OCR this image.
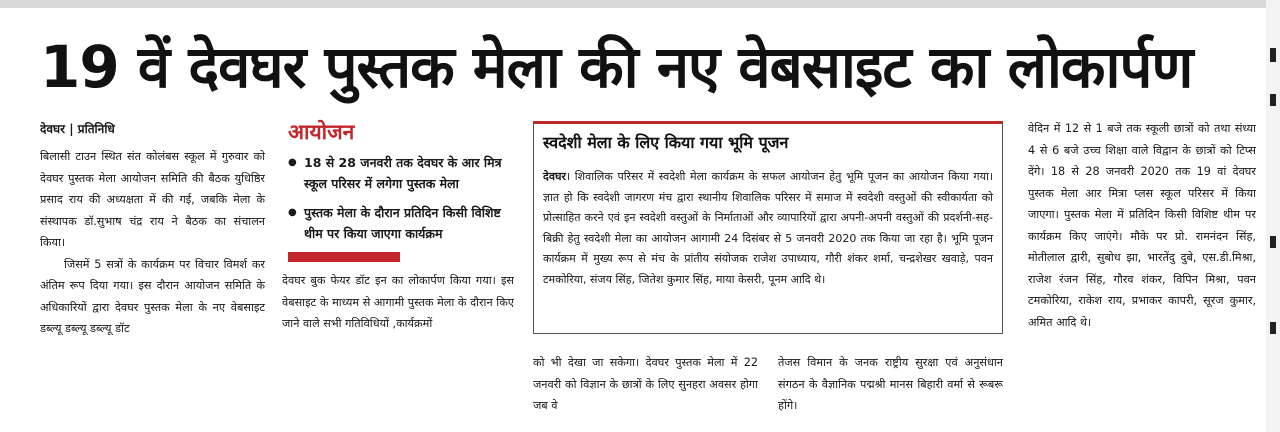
19 वें देवघर पुस्तक मेला की नए वेबसाइट का लोकार्पण

देवघर | प्रतिनिधि

बिलासी टाउन स्थित संत कोलंबस स्कूल में गुरुवार को देवघर पुस्तक मेला आयोजन समिति की बैठक युधिष्ठिर प्रसाद राय की अध्यक्षता में की गई, जबकि मेला के संस्थापक डॉ.सुभाष चंद्र राय ने बैठक का संचालन किया।

जिसमें 5 सत्रों के कार्यक्रम पर विचार विमर्श कर अंतिम रूप दिया गया। इस दौरान आयोजन समिति के अधिकारियों द्वारा देवघर पुस्तक मेला के नए वेबसाइट डब्ल्यू डब्ल्यू डब्ल्यू डॉट

आयोजन

● 18 से 28 जनवरी तक देवघर के आर मित्र स्कूल परिसर में लगेगा पुस्तक मेला
● पुस्तक मेला के दौरान प्रतिदिन किसी विशिष्ट थीम पर किया जाएगा कार्यक्रम

देवघर बुक फेयर डॉट इन का लोकार्पण किया गया। इस वेबसाइट के माध्यम से आगामी पुस्तक मेला के दौरान किए जाने वाले सभी गतिविधियों ,कार्यक्रमों

स्वदेशी मेला के लिए किया गया भूमि पूजन

देवघर। शिवालिक परिसर में स्वदेशी मेला कार्यक्रम के सफल आयोजन हेतु भूमि पूजन का आयोजन किया गया। ज्ञात हो कि स्वदेशी जागरण मंच द्वारा स्थानीय शिवालिक परिसर में समाज में स्वदेशी वस्तुओं की स्वीकार्यता को प्रोत्साहित करने एवं इन स्वदेशी वस्तुओं के निर्माताओं और व्यापारियों द्वारा अपनी-अपनी वस्तुओं की प्रदर्शनी-सह-बिक्री हेतु स्वदेशी मेला का आयोजन आगामी 24 दिसंबर से 5 जनवरी 2020 तक किया जा रहा है। भूमि पूजन कार्यक्रम में मुख्य रूप से मंच के प्रांतीय संयोजक राजेश उपाध्याय, गौरी शंकर शर्मा, चन्द्रशेखर खवाड़े, पवन टमकोरिया, संजय सिंह, जितेश कुमार सिंह, माया केसरी, पूनम आदि थे।

को भी देखा जा सकेगा। देवघर पुस्तक मेला में 22 जनवरी को विज्ञान के छात्रों के लिए सुनहरा अवसर होगा जब वे

तेजस विमान के जनक राष्ट्रीय सुरक्षा एवं अनुसंधान संगठन के वैज्ञानिक पद्मश्री मानस बिहारी वर्मा से रूबरू होंगे।

वेदिन में 12 से 1 बजे तक स्कूली छात्रों को तथा संध्या 4 से 6 बजे उच्च शिक्षा वाले विद्वान के छात्रों को टिप्स देंगे। 18 से 28 जनवरी 2020 तक 19 वां देवघर पुस्तक मेला आर मित्रा प्लस स्कूल परिसर में किया जाएगा। पुस्तक मेला में प्रतिदिन किसी विशिष्ट थीम पर कार्यक्रम किए जाएंगे। मौके पर प्रो. रामनंदन सिंह, मोतीलाल द्वारी, सुबोध झा, भारतेंदु दुबे, एस.डी.मिश्रा, राजेश रंजन सिंह, गौरव शंकर, विपिन मिश्रा, पवन टमकोरिया, राकेश राय, प्रभाकर कापरी, सूरज कुमार, अमित आदि थे।
